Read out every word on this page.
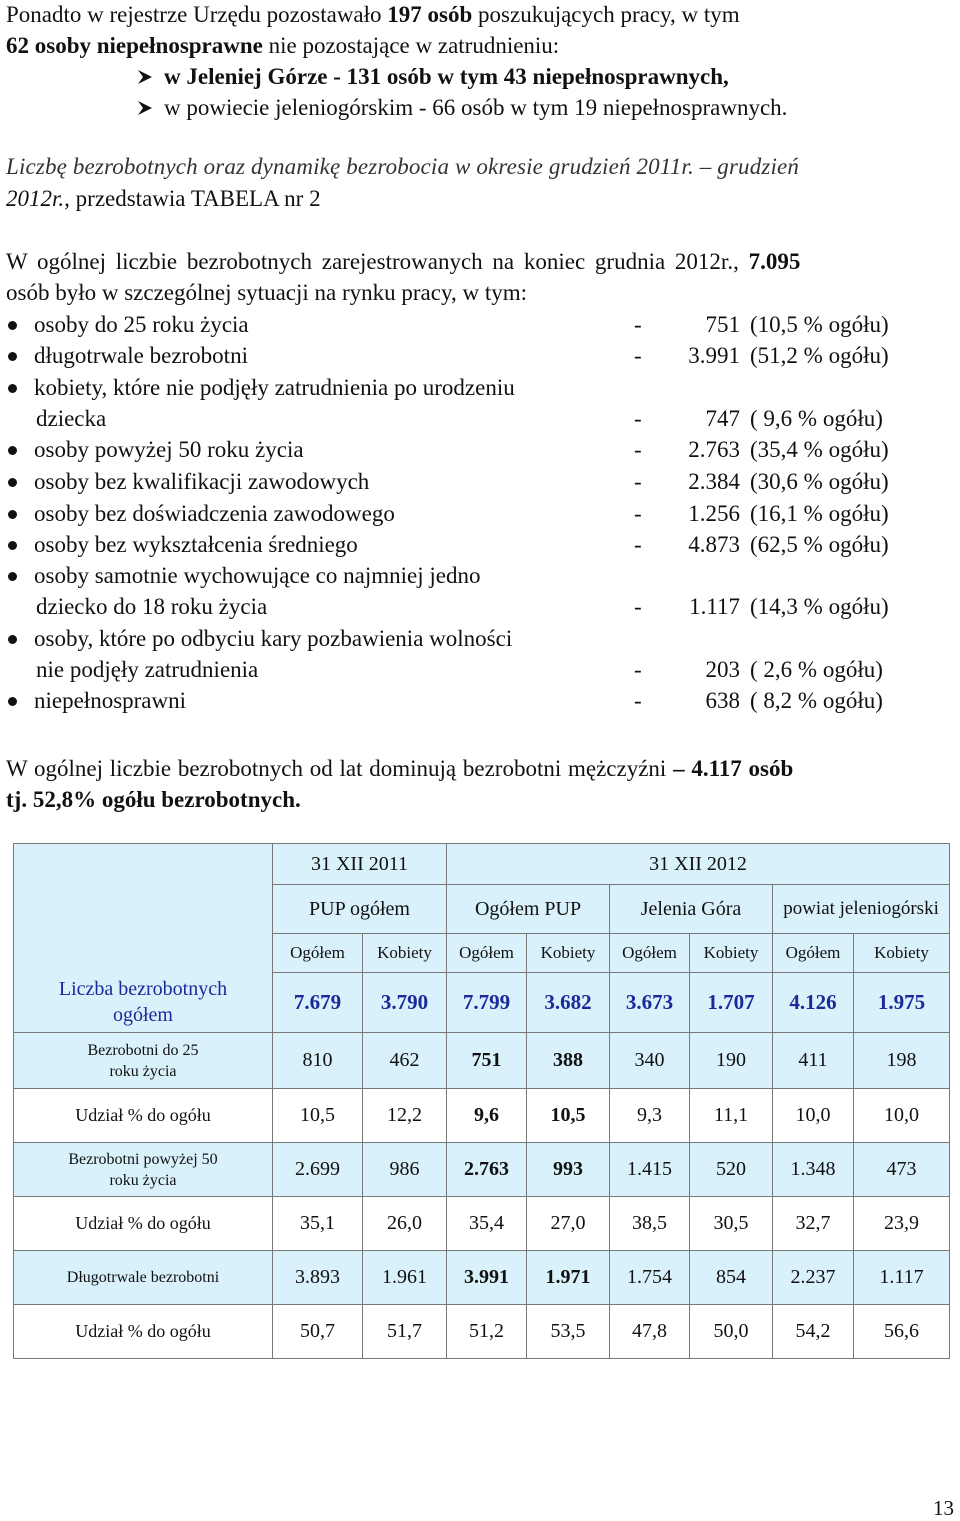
Ponadto w rejestrze Urzędu pozostawało 197 osób poszukujących pracy, w tym
62 osoby niepełnosprawne nie pozostające w zatrudnieniu:
w Jeleniej Górze - 131 osób w tym 43 niepełnosprawnych,
w powiecie jeleniogórskim - 66 osób w tym 19 niepełnosprawnych.
Liczbę bezrobotnych oraz dynamikę bezrobocia w okresie grudzień 2011r. – grudzień
2012r., przedstawia TABELA nr 2
W ogólnej liczbie bezrobotnych zarejestrowanych na koniec grudnia 2012r., 7.095
osób było w szczególnej sytuacji na rynku pracy, w tym:
osoby do 25 roku życia	-	751 (10,5 % ogółu)
długotrwale bezrobotni	-	3.991 (51,2 % ogółu)
kobiety, które nie podjęły zatrudnienia po urodzeniu
dziecka	-	747 ( 9,6 % ogółu)
osoby powyżej 50 roku życia	-	2.763 (35,4 % ogółu)
osoby bez kwalifikacji zawodowych	-	2.384 (30,6 % ogółu)
osoby bez doświadczenia zawodowego	-	1.256 (16,1 % ogółu)
osoby bez wykształcenia średniego	-	4.873 (62,5 % ogółu)
osoby samotnie wychowujące co najmniej jedno
dziecko do 18 roku życia	-	1.117 (14,3 % ogółu)
osoby, które po odbyciu kary pozbawienia wolności
nie podjęły zatrudnienia	-	203 ( 2,6 % ogółu)
niepełnosprawni	-	638 ( 8,2 % ogółu)
W ogólnej liczbie bezrobotnych od lat dominują bezrobotni mężczyźni – 4.117 osób
tj. 52,8% ogółu bezrobotnych.
	31 XII 2011		31 XII 2012					
	PUP ogółem		Ogółem PUP		Jelenia Góra		powiat jeleniogórski	
	Ogółem	Kobiety	Ogółem	Kobiety	Ogółem	Kobiety	Ogółem	Kobiety
Liczba bezrobotnych ogółem	7.679	3.790	7.799	3.682	3.673	1.707	4.126	1.975
Bezrobotni do 25 roku życia	810	462	751	388	340	190	411	198
Udział % do ogółu	10,5	12,2	9,6	10,5	9,3	11,1	10,0	10,0
Bezrobotni powyżej 50 roku życia	2.699	986	2.763	993	1.415	520	1.348	473
Udział % do ogółu	35,1	26,0	35,4	27,0	38,5	30,5	32,7	23,9
Długotrwale bezrobotni	3.893	1.961	3.991	1.971	1.754	854	2.237	1.117
Udział % do ogółu	50,7	51,7	51,2	53,5	47,8	50,0	54,2	56,6
13
